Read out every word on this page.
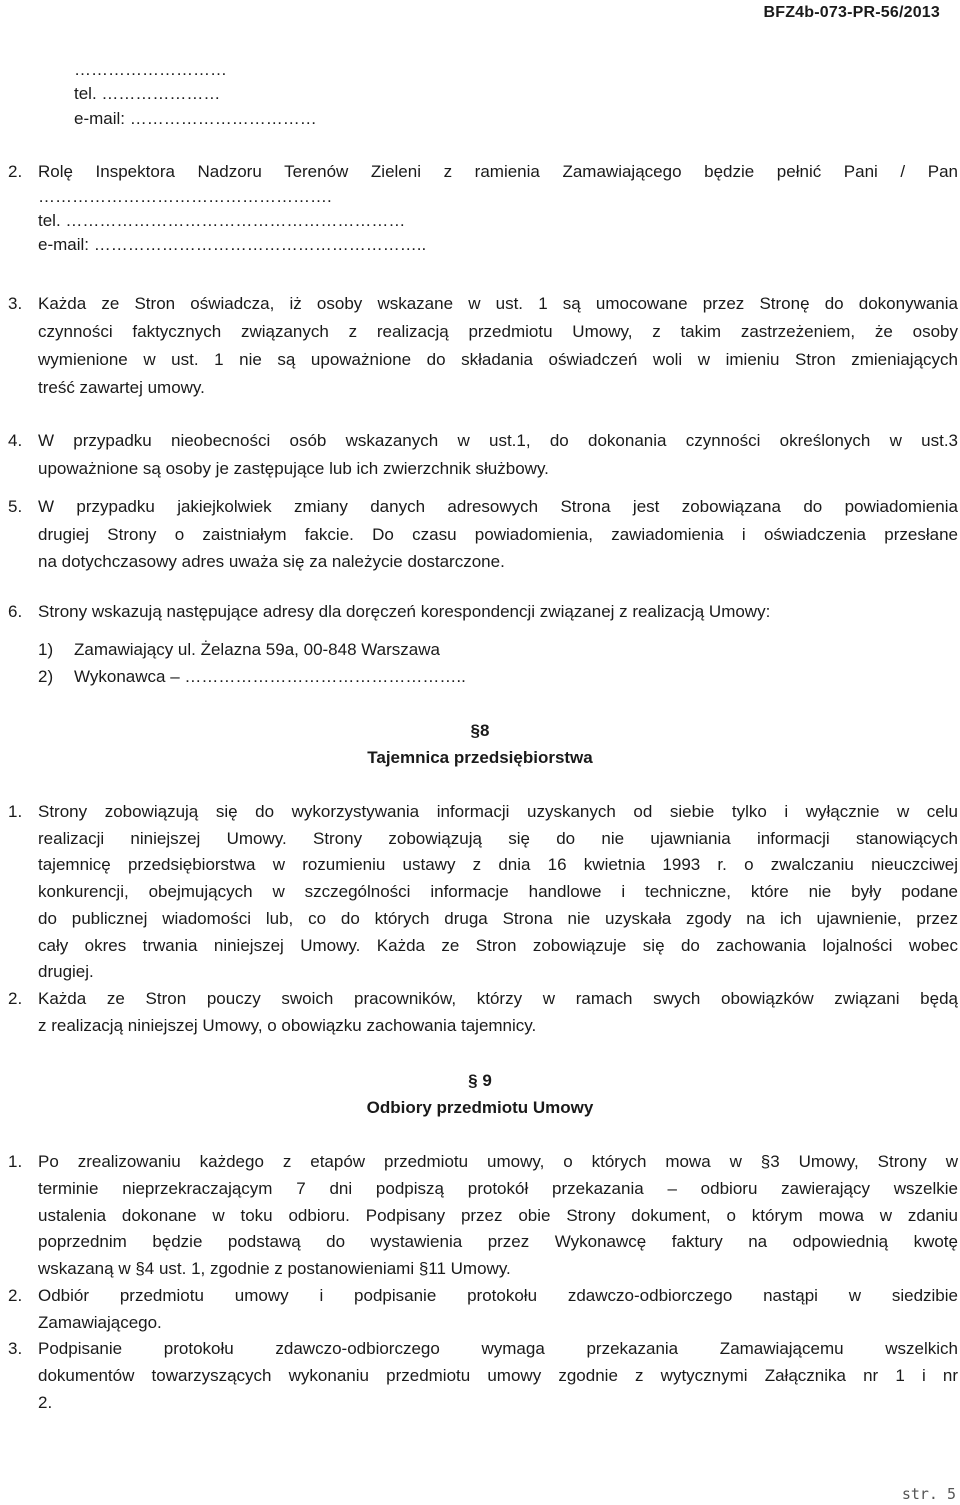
BFZ4b-073-PR-56/2013
………………………
tel. …………………
e-mail: ……………………………
2. Rolę Inspektora Nadzoru Terenów Zieleni z ramienia Zamawiającego będzie pełnić Pani / Pan
…………………………………………….
tel. ……………………………………………………
e-mail: …………………………………………………..
3. Każda ze Stron oświadcza, iż osoby wskazane w ust. 1 są umocowane przez Stronę do dokonywania
czynności faktycznych związanych z realizacją przedmiotu Umowy, z takim zastrzeżeniem, że osoby
wymienione w ust. 1 nie są upoważnione do składania oświadczeń woli w imieniu Stron zmieniających
treść zawartej umowy.
4. W przypadku nieobecności osób wskazanych w ust.1, do dokonania czynności określonych w ust.3
upoważnione są osoby je zastępujące lub ich zwierzchnik służbowy.
5. W przypadku jakiejkolwiek zmiany danych adresowych Strona jest zobowiązana do powiadomienia
drugiej Strony o zaistniałym fakcie. Do czasu powiadomienia, zawiadomienia i oświadczenia przesłane
na dotychczasowy adres uważa się za należycie dostarczone.
6. Strony wskazują następujące adresy dla doręczeń korespondencji związanej z realizacją Umowy:
1) Zamawiający ul. Żelazna 59a, 00-848 Warszawa
2) Wykonawca – …………………………………………..
§8
Tajemnica przedsiębiorstwa
1. Strony zobowiązują się do wykorzystywania informacji uzyskanych od siebie tylko i wyłącznie w celu
realizacji niniejszej Umowy. Strony zobowiązują się do nie ujawniania informacji stanowiących
tajemnicę przedsiębiorstwa w rozumieniu ustawy z dnia 16 kwietnia 1993 r. o zwalczaniu nieuczciwej
konkurencji, obejmujących w szczególności informacje handlowe i techniczne, które nie były podane
do publicznej wiadomości lub, co do których druga Strona nie uzyskała zgody na ich ujawnienie, przez
cały okres trwania niniejszej Umowy. Każda ze Stron zobowiązuje się do zachowania lojalności wobec
drugiej.
2. Każda ze Stron pouczy swoich pracowników, którzy w ramach swych obowiązków związani będą
z realizacją niniejszej Umowy, o obowiązku zachowania tajemnicy.
§ 9
Odbiory przedmiotu Umowy
1. Po zrealizowaniu każdego z etapów przedmiotu umowy, o których mowa w §3 Umowy, Strony w
terminie nieprzekraczającym 7 dni podpiszą protokół przekazania – odbioru zawierający wszelkie
ustalenia dokonane w toku odbioru. Podpisany przez obie Strony dokument, o którym mowa w zdaniu
poprzednim będzie podstawą do wystawienia przez Wykonawcę faktury na odpowiednią kwotę
wskazaną w §4 ust. 1, zgodnie z postanowieniami §11 Umowy.
2. Odbiór przedmiotu umowy i podpisanie protokołu zdawczo-odbiorczego nastąpi w siedzibie
Zamawiającego.
3. Podpisanie protokołu zdawczo-odbiorczego wymaga przekazania Zamawiającemu wszelkich
dokumentów towarzyszących wykonaniu przedmiotu umowy zgodnie z wytycznymi Załącznika nr 1 i nr
2.
str. 5
